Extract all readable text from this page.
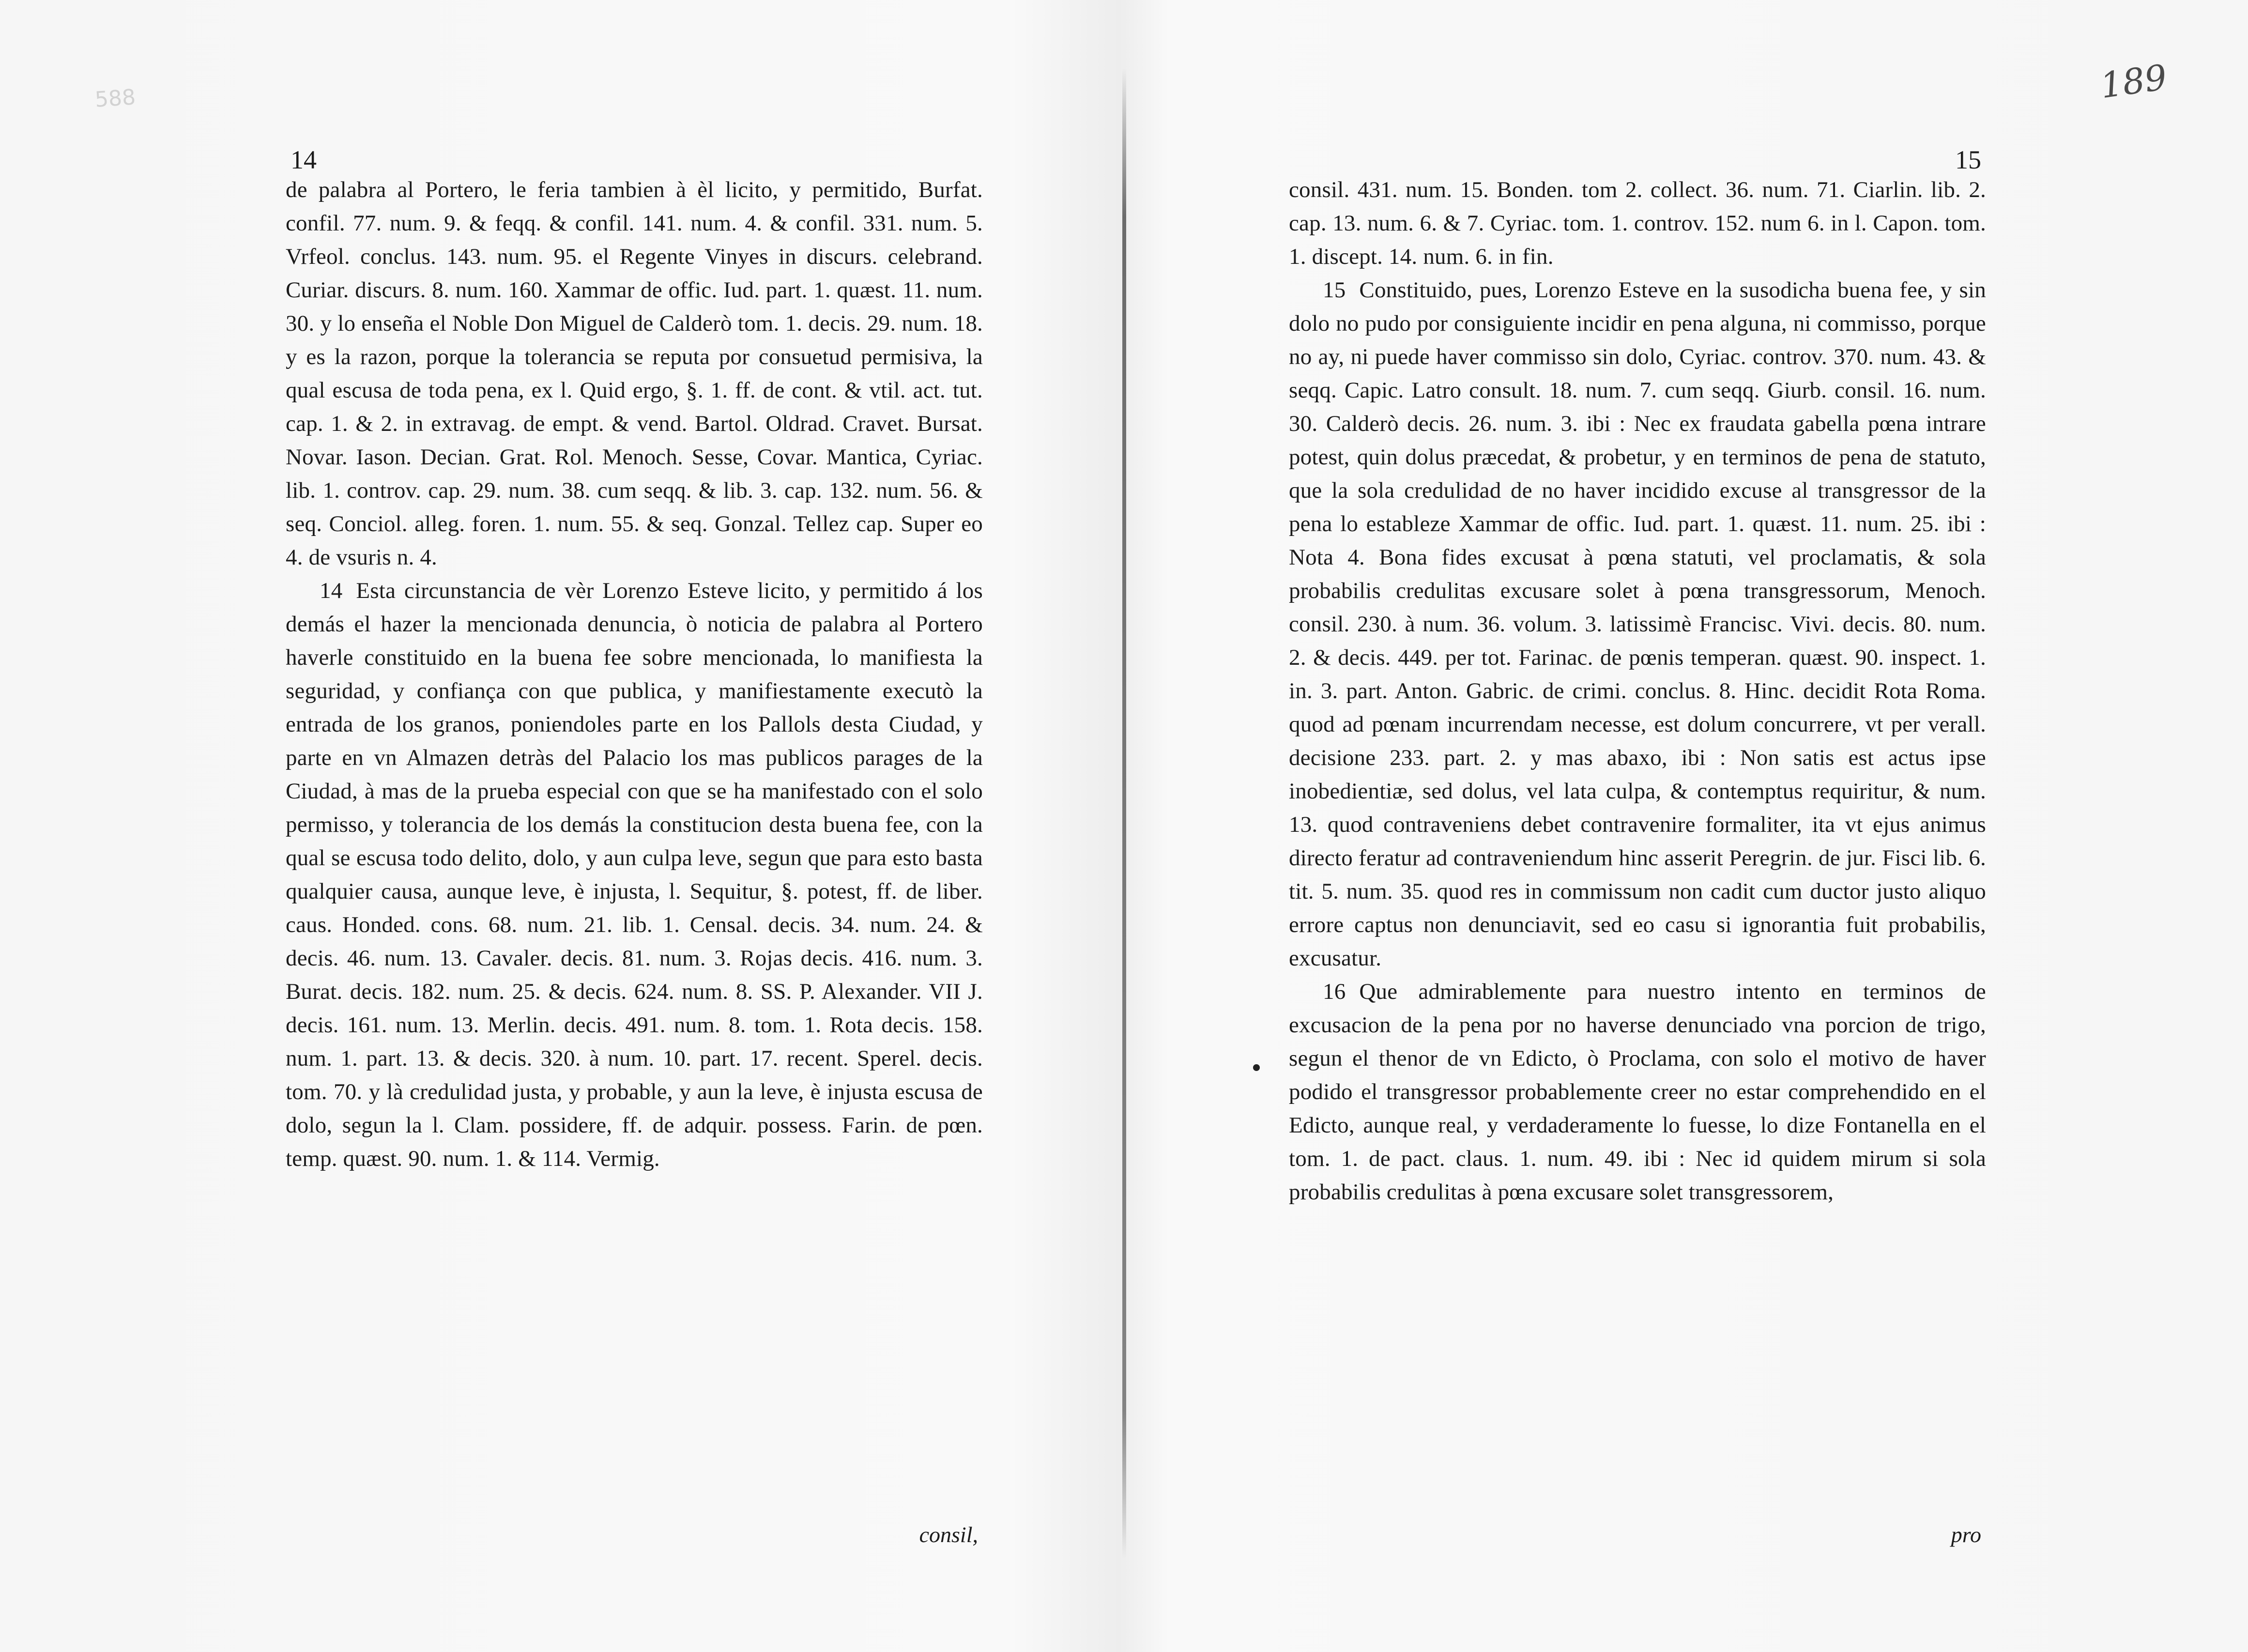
588	189
14

de palabra al Portero, le feria tambien à èl licito, y permitido, Burfat. confil. 77. num. 9. & feqq. & confil. 141. num. 4. & confil. 331. num. 5. Vrfeol. conclus. 143. num. 95. el Regente Vinyes in discurs. celebrand. Curiar. discurs. 8. num. 160. Xammar de offic. Iud. part. 1. quæst. 11. num. 30. y lo enseña el Noble Don Miguel de Calderò tom. 1. decis. 29. num. 18. y es la razon, porque la tolerancia se reputa por consuetud permisiva, la qual escusa de toda pena, ex l. Quid ergo, §. 1. ff. de cont. & vtil. act. tut. cap. 1. & 2. in extravag. de empt. & vend. Bartol. Oldrad. Cravet. Bursat. Novar. Iason. Decian. Grat. Rol. Menoch. Sesse, Covar. Mantica, Cyriac. lib. 1. controv. cap. 29. num. 38. cum seqq. & lib. 3. cap. 132. num. 56. & seq. Conciol. alleg. foren. 1. num. 55. & seq. Gonzal. Tellez cap. Super eo 4. de vsuris n. 4.

14 Esta circunstancia de vèr Lorenzo Esteve licito, y permitido á los demás el hazer la mencionada denuncia, ò noticia de palabra al Portero haverle constituido en la buena fee sobre mencionada, lo manifiesta la seguridad, y confiança con que publica, y manifiestamente executò la entrada de los granos, poniendoles parte en los Pallols desta Ciudad, y parte en vn Almazen detràs del Palacio los mas publicos parages de la Ciudad, à mas de la prueba especial con que se ha manifestado con el solo permisso, y tolerancia de los demás la constitucion desta buena fee, con la qual se escusa todo delito, dolo, y aun culpa leve, segun que para esto basta qualquier causa, aunque leve, è injusta, l. Sequitur, §. potest, ff. de liber. caus. Honded. cons. 68. num. 21. lib. 1. Censal. decis. 34. num. 24. & decis. 46. num. 13. Cavaler. decis. 81. num. 3. Rojas decis. 416. num. 3. Burat. decis. 182. num. 25. & decis. 624. num. 8. SS. P. Alexander. VII J. decis. 161. num. 13. Merlin. decis. 491. num. 8. tom. 1. Rota decis. 158. num. 1. part. 13. & decis. 320. à num. 10. part. 17. recent. Sperel. decis. tom. 70. y là credulidad justa, y probable, y aun la leve, è injusta escusa de dolo, segun la l. Clam. possidere, ff. de adquir. possess. Farin. de pœn. temp. quæst. 90. num. 1. & 114. Vermig.

consil,
15

consil. 431. num. 15. Bonden. tom 2. collect. 36. num. 71. Ciarlin. lib. 2. cap. 13. num. 6. & 7. Cyriac. tom. 1. controv. 152. num 6. in l. Capon. tom. 1. discept. 14. num. 6. in fin.

15 Constituido, pues, Lorenzo Esteve en la susodicha buena fee, y sin dolo no pudo por consiguiente incidir en pena alguna, ni commisso, porque no ay, ni puede haver commisso sin dolo, Cyriac. controv. 370. num. 43. & seqq. Capic. Latro consult. 18. num. 7. cum seqq. Giurb. consil. 16. num. 30. Calderò decis. 26. num. 3. ibi : Nec ex fraudata gabella pœna intrare potest, quin dolus præcedat, & probetur, y en terminos de pena de statuto, que la sola credulidad de no haver incidido excuse al transgressor de la pena lo estableze Xammar de offic. Iud. part. 1. quæst. 11. num. 25. ibi : Nota 4. Bona fides excusat à pœna statuti, vel proclamatis, & sola probabilis credulitas excusare solet à pœna transgressorum, Menoch. consil. 230. à num. 36. volum. 3. latissimè Francisc. Vivi. decis. 80. num. 2. & decis. 449. per tot. Farinac. de pœnis temperan. quæst. 90. inspect. 1. in. 3. part. Anton. Gabric. de crimi. conclus. 8. Hinc. decidit Rota Roma. quod ad pœnam incurrendam necesse, est dolum concurrere, vt per verall. decisione 233. part. 2. y mas abaxo, ibi : Non satis est actus ipse inobedientiæ, sed dolus, vel lata culpa, & contemptus requiritur, & num. 13. quod contraveniens debet contravenire formaliter, ita vt ejus animus directo feratur ad contraveniendum hinc asserit Peregrin. de jur. Fisci lib. 6. tit. 5. num. 35. quod res in commissum non cadit cum ductor justo aliquo errore captus non denunciavit, sed eo casu si ignorantia fuit probabilis, excusatur.

16 Que admirablemente para nuestro intento en terminos de excusacion de la pena por no haverse denunciado vna porcion de trigo, segun el thenor de vn Edicto, ò Proclama, con solo el motivo de haver podido el transgressor probablemente creer no estar comprehendido en el Edicto, aunque real, y verdaderamente lo fuesse, lo dize Fontanella en el tom. 1. de pact. claus. 1. num. 49. ibi : Nec id quidem mirum si sola probabilis credulitas à pœna excusare solet transgressorem,

pro
